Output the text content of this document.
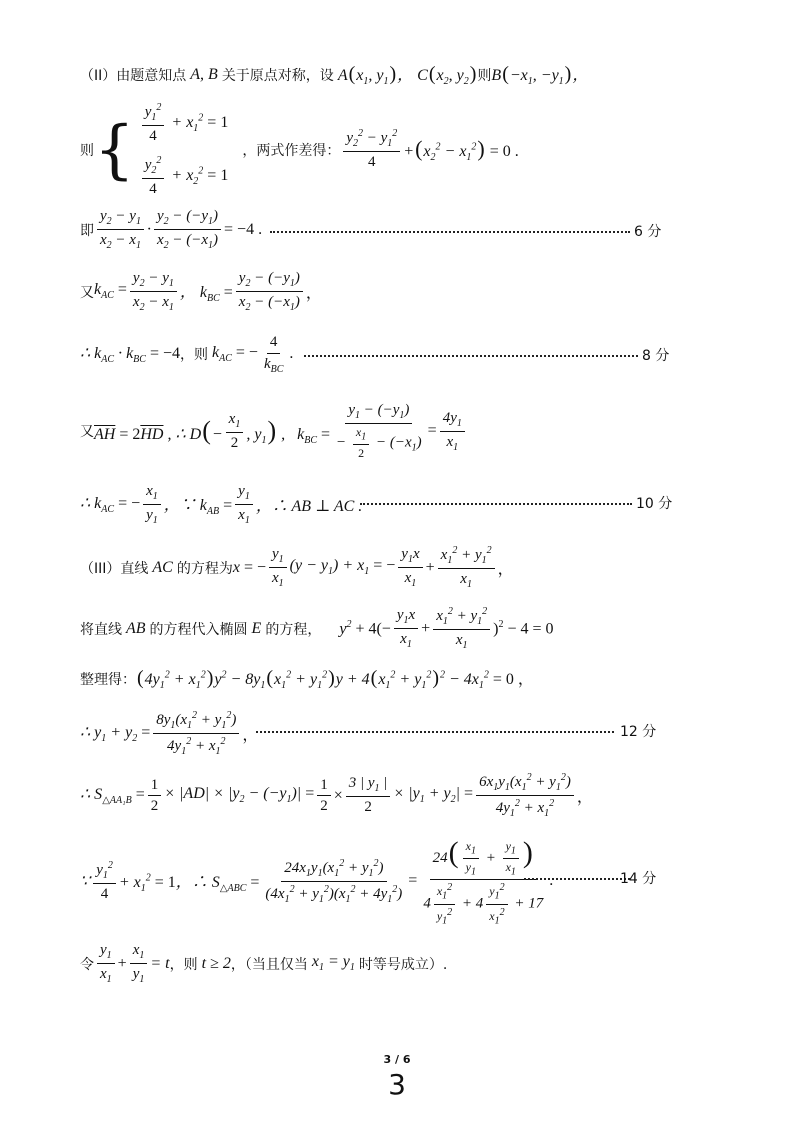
（II）由题意知点 A, B 关于原点对称，设 $A(x_1$, $y_1$)， $C(x_2$, $y_2$) 则 $B(-x_1$, $-y_1$)，
则 { $\frac{y_1^2}{4} + x_1^2 = 1$
$\frac{y_2^2}{4} + x_2^2 = 1$
，两式作差得：
$y_2^2 - y_1^2$
4
$+(x_2^2 - x_1^2) = 0$ .
即
$y_2 - y_1$
$x_2 - x_1$
· $\frac{y_2 - (-y_1)}{x_2 - (-x_1)} = -4$ .	6 分
又 $k_{AC} = \frac{y_2 - y_1}{x_2 - x_1}$ ， $k_{BC} = \frac{y_2 - (-y_1)}{x_2 - (-x_1)}$ ，
∴ $k_{AC} \cdot k_{BC} = -4$ ，则 $k_{AC}$ = −
4
$k_{BC}$
.	8 分
又 $\overline{AH} = 2\overline{HD}$ , ∴ $D(- \frac{x_1}{2}$ , $y_1$) ,   $k_{BC} = \frac{y_1 - (-y_1)}{- \frac{x_1}{2} - (-x_1)} = \frac{4y_1}{x_1}$
∴ $k_{AC}$ = − $\frac{x_1}{y_1}$ ，∵ $k_{AB} = \frac{y_1}{x_1}$ ，∴ AB ⊥ AC .	10 分
（III）直线 AC 的方程为 x = − $\frac{y_1}{x_1} (y - y_1) + x_1$ = − $\frac{y_1x}{x_1} + \frac{x_1^2 + y_1^2}{x_1}$ ，
将直线 AB 的方程代入椭圆 E 的方程， $y^2 + 4(- \frac{y_1x}{x_1} + \frac{x_1^2 + y_1^2}{x_1} )^2 - 4 = 0$
整理得： $(4y_1^2 + x_1^2)y^2 - 8y_1(x_1^2 + y_1^2)y + 4(x_1^2 + y_1^2)^2 - 4x_1^2 = 0$ ，
∴ $y_1 + y_2 = \frac{8y_1(x_1^2 + y_1^2)}{4y_1^2 + x_1^2}$ ，	12 分
∴ $S_{\triangle AA_1B} = \frac{1}{2} \times |AD| \times |y_2 - (-y_1)| = \frac{1}{2} \times \frac{3 | y_1 |}{2} \times |y_1 + y_2| = \frac{6x_1y_1(x_1^2 + y_1^2)}{4y_1^2 + x_1^2}$ ，
∵
$y_1^2$
4
+ $x_1^2 = 1$，∴ $S_{\triangle ABC} = \frac{24x_1y_1(x_1^2 + y_1^2)}{(4x_1^2 + y_1^2)(x_1^2 + 4y_1^2)} = \frac{24( \frac{x_1}{y_1} + \frac{y_1}{x_1} )}{4 \frac{x_1^2}{y_1^2} + 4 \frac{y_1^2}{x_1^2} + 17}$ .	14 分
令
$y_1$
$x_1$
+ $\frac{x_1}{y_1} = t$ ，则 t ≥ 2 ，（当且仅当 $x_1 = y_1$ 时等号成立）.
3 / 6
3
